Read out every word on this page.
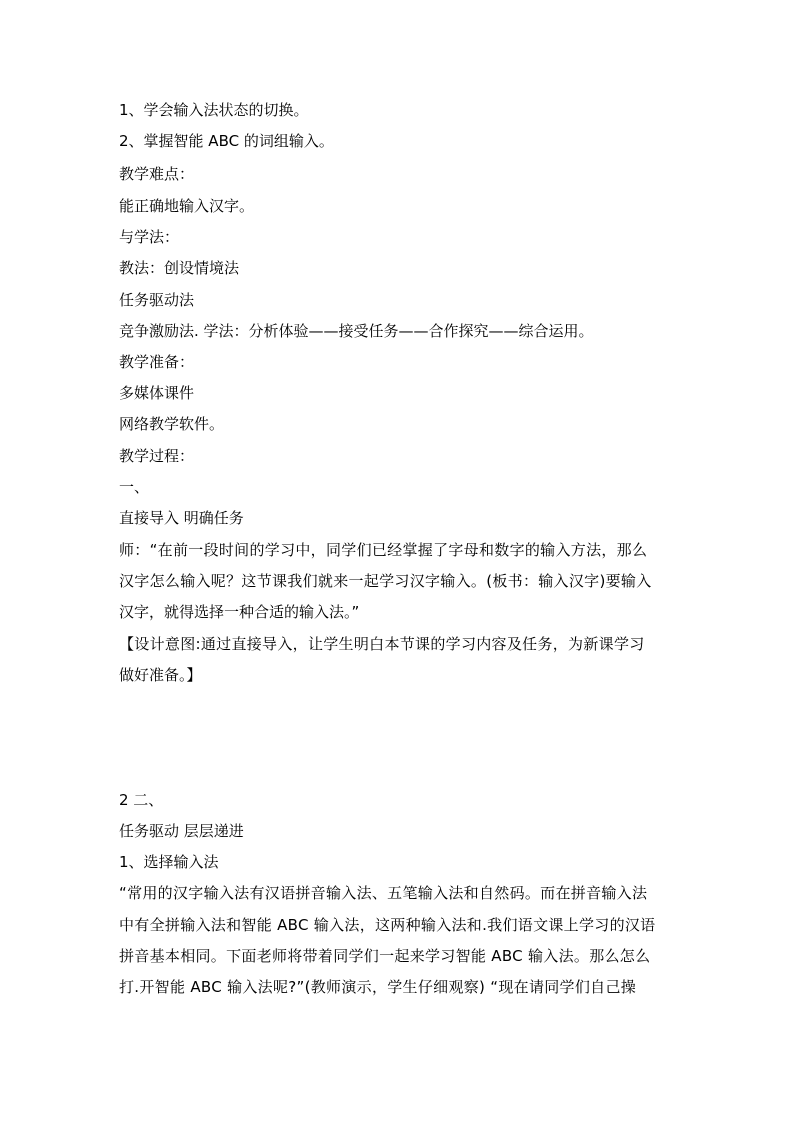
1、学会输入法状态的切换。
2、掌握智能 ABC 的词组输入。
教学难点：
能正确地输入汉字。
与学法：
教法：创设情境法
任务驱动法
竞争激励法. 学法：分析体验——接受任务——合作探究——综合运用。
教学准备：
多媒体课件
网络教学软件。
教学过程：
一、
直接导入 明确任务
师：“在前一段时间的学习中，同学们已经掌握了字母和数字的输入方法，那么
汉字怎么输入呢？这节课我们就来一起学习汉字输入。(板书：输入汉字)要输入
汉字，就得选择一种合适的输入法。”
【设计意图:通过直接导入，让学生明白本节课的学习内容及任务，为新课学习
做好准备。】
2 二、
任务驱动 层层递进
1、选择输入法
“常用的汉字输入法有汉语拼音输入法、五笔输入法和自然码。而在拼音输入法
中有全拼输入法和智能 ABC 输入法，这两种输入法和.我们语文课上学习的汉语
拼音基本相同。下面老师将带着同学们一起来学习智能 ABC 输入法。那么怎么
打.开智能 ABC 输入法呢?”(教师演示，学生仔细观察) “现在请同学们自己操
